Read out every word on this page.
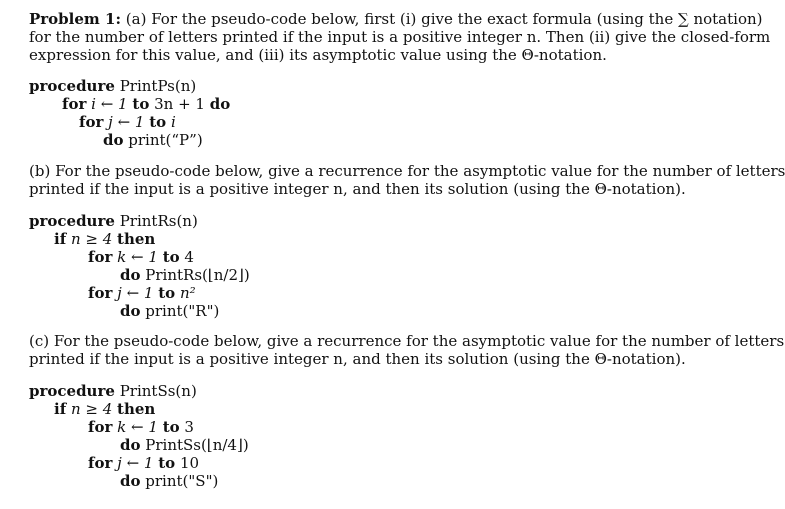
Problem 1: (a) For the pseudo-code below, first (i) give the exact formula (using the ∑ notation)
for the number of letters printed if the input is a positive integer n. Then (ii) give the closed-form
expression for this value, and (iii) its asymptotic value using the Θ-notation.
procedure PrintPs(n)
for i ← 1 to 3n + 1 do
for j ← 1 to i
do print(“P”)
(b) For the pseudo-code below, give a recurrence for the asymptotic value for the number of letters
printed if the input is a positive integer n, and then its solution (using the Θ-notation).
procedure PrintRs(n)
if n ≥ 4 then
for k ← 1 to 4
do PrintRs(⌊n/2⌋)
for j ← 1 to n²
do print("R")
(c) For the pseudo-code below, give a recurrence for the asymptotic value for the number of letters
printed if the input is a positive integer n, and then its solution (using the Θ-notation).
procedure PrintSs(n)
if n ≥ 4 then
for k ← 1 to 3
do PrintSs(⌊n/4⌋)
for j ← 1 to 10
do print("S")
